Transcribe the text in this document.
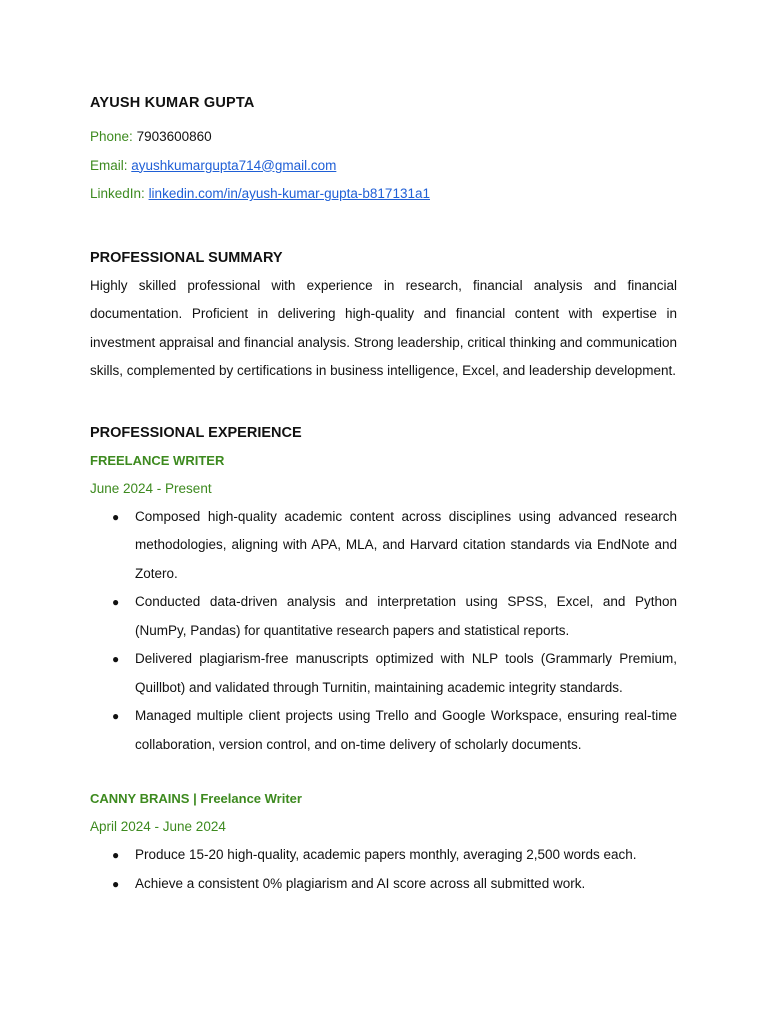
AYUSH KUMAR GUPTA

Phone: 7903600860

Email: ayushkumargupta714@gmail.com

LinkedIn: linkedin.com/in/ayush-kumar-gupta-b817131a1

PROFESSIONAL SUMMARY

Highly skilled professional with experience in research, financial analysis and financial documentation. Proficient in delivering high-quality and financial content with expertise in investment appraisal and financial analysis. Strong leadership, critical thinking and communication skills, complemented by certifications in business intelligence, Excel, and leadership development.

PROFESSIONAL EXPERIENCE
FREELANCE WRITER
June 2024 - Present
● Composed high-quality academic content across disciplines using advanced research methodologies, aligning with APA, MLA, and Harvard citation standards via EndNote and Zotero.
● Conducted data-driven analysis and interpretation using SPSS, Excel, and Python (NumPy, Pandas) for quantitative research papers and statistical reports.
● Delivered plagiarism-free manuscripts optimized with NLP tools (Grammarly Premium, Quillbot) and validated through Turnitin, maintaining academic integrity standards.
● Managed multiple client projects using Trello and Google Workspace, ensuring real-time collaboration, version control, and on-time delivery of scholarly documents.
CANNY BRAINS | Freelance Writer
April 2024 - June 2024
● Produce 15-20 high-quality, academic papers monthly, averaging 2,500 words each.
● Achieve a consistent 0% plagiarism and AI score across all submitted work.
